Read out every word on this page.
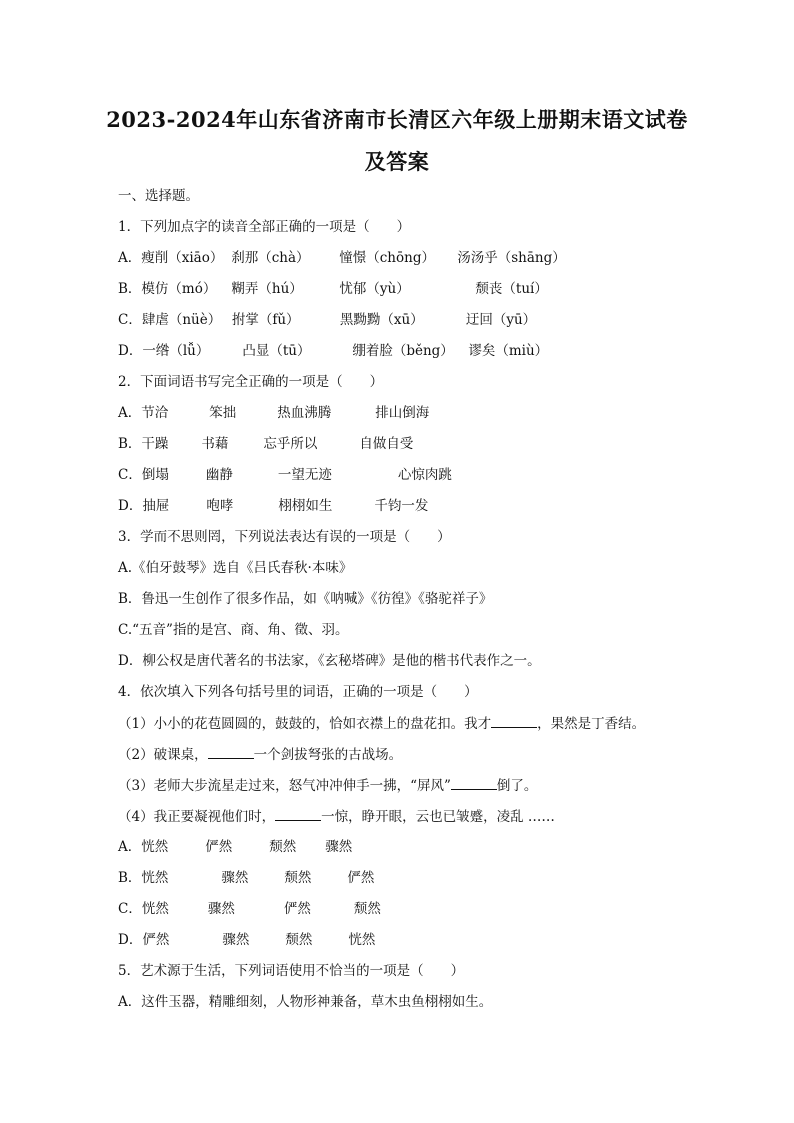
2023-2024年山东省济南市长清区六年级上册期末语文试卷
及答案
一、选择题。
1．下列加点字的读音全部正确的一项是（　　）
A．瘦削（xiāo） 刹那（chà） 憧憬（chōng） 汤汤乎（shāng）
B．模仿（mó） 糊弄（hú）	忧郁（yù）	颓丧（tuí）
C．肆虐（nüè） 拊掌（fǔ）	黑黝黝（xū）	迂回（yū）
D．一绺（lǚ） 凸显（tū）	绷着脸（běng） 谬矣（miù）
2．下面词语书写完全正确的一项是（　　）
A．节洽	笨拙	热血沸腾	排山倒海
B．干躁 书藉	忘乎所以	自做自受
C．倒塌	幽静	一望无迹	心惊肉跳
D．抽屉	咆哮	栩栩如生	千钧一发
3．学而不思则罔，下列说法表达有误的一项是（　　）
A.《伯牙鼓琴》选自《吕氏春秋·本味》
B．鲁迅一生创作了很多作品，如《呐喊》《彷徨》《骆驼祥子》
C.“五音”指的是宫、商、角、徵、羽。
D．柳公权是唐代著名的书法家，《玄秘塔碑》是他的楷书代表作之一。
4．依次填入下列各句括号里的词语，正确的一项是（　　）
（1）小小的花苞圆圆的，鼓鼓的，恰如衣襟上的盘花扣。我才	，果然是丁香结。
（2）破课桌，	一个剑拔弩张的古战场。
（3）老师大步流星走过来，怒气冲冲伸手一拂，“屏风”	倒了。
（4）我正要凝视他们时，	一惊，睁开眼，云也已皱蹙，凌乱 ……
A．恍然	俨然	颓然 骤然
B．恍然	骤然	颓然	俨然
C．恍然	骤然	俨然	颓然
D．俨然	骤然	颓然	恍然
5．艺术源于生活，下列词语使用不恰当的一项是（　　）
A．这件玉器，精雕细刻，人物形神兼备，草木虫鱼栩栩如生。
